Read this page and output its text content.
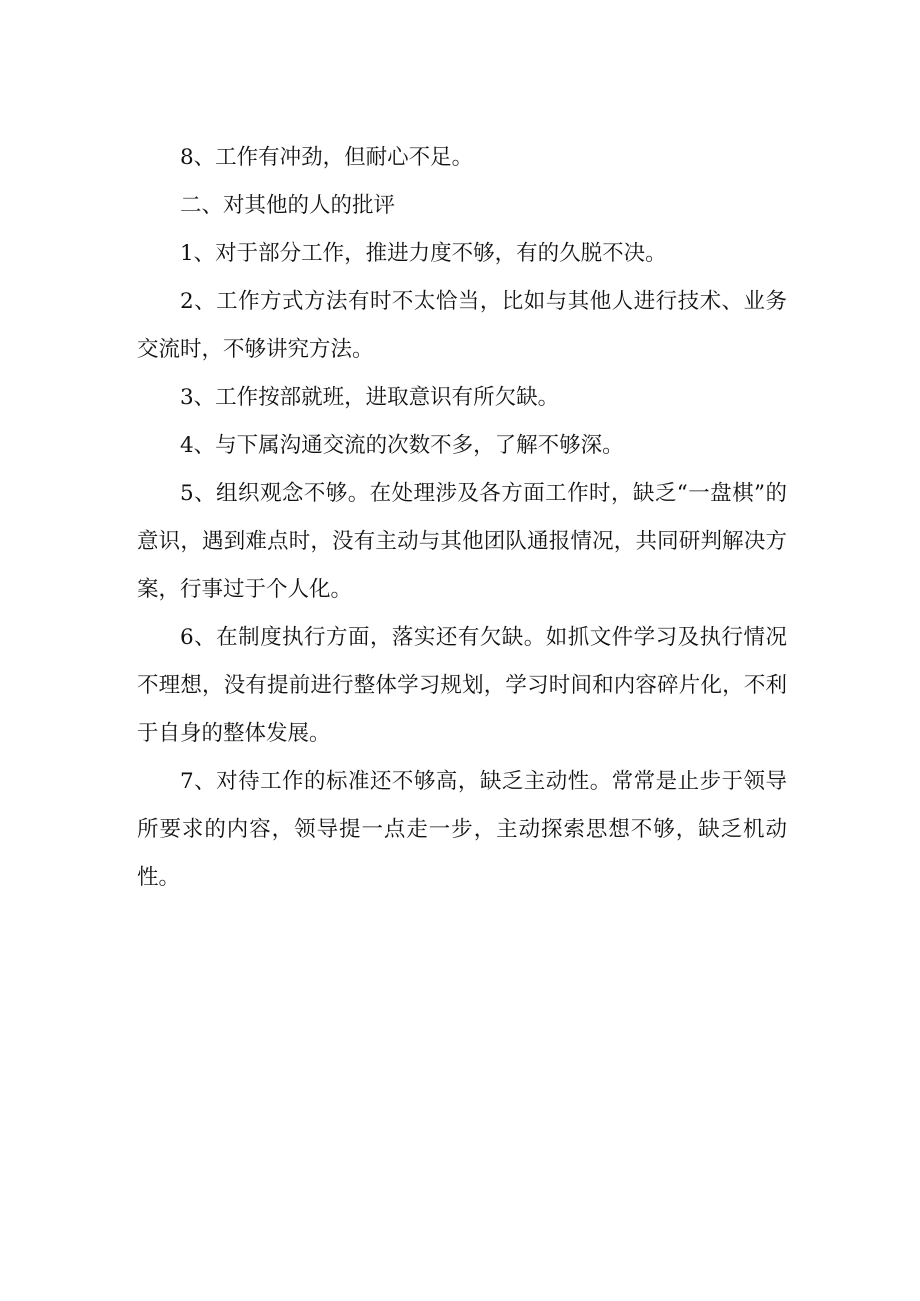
8、工作有冲劲，但耐心不足。

二、对其他的人的批评

1、对于部分工作，推进力度不够，有的久脱不决。

2、工作方式方法有时不太恰当，比如与其他人进行技术、业务交流时，不够讲究方法。

3、工作按部就班，进取意识有所欠缺。

4、与下属沟通交流的次数不多，了解不够深。

5、组织观念不够。在处理涉及各方面工作时，缺乏“一盘棋”的意识，遇到难点时，没有主动与其他团队通报情况，共同研判解决方案，行事过于个人化。

6、在制度执行方面，落实还有欠缺。如抓文件学习及执行情况不理想，没有提前进行整体学习规划，学习时间和内容碎片化，不利于自身的整体发展。

7、对待工作的标准还不够高，缺乏主动性。常常是止步于领导所要求的内容，领导提一点走一步，主动探索思想不够，缺乏机动性。
